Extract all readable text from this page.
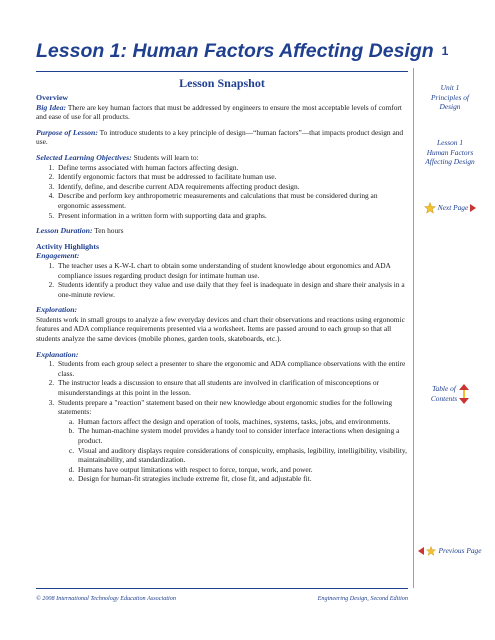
Lesson 1: Human Factors Affecting Design 1
Lesson Snapshot
Overview

Big Idea: There are key human factors that must be addressed by engineers to ensure the most acceptable levels of comfort and ease of use for all products.

Purpose of Lesson: To introduce students to a key principle of design—“human factors”—that impacts product design and use.

Selected Learning Objectives: Students will learn to:
1. Define terms associated with human factors affecting design.
2. Identify ergonomic factors that must be addressed to facilitate human use.
3. Identify, define, and describe current ADA requirements affecting product design.
4. Describe and perform key anthropometric measurements and calculations that must be considered during an ergonomic assessment.
5. Present information in a written form with supporting data and graphs.

Lesson Duration: Ten hours

Activity Highlights
Engagement:
1. The teacher uses a K-W-L chart to obtain some understanding of student knowledge about ergonomics and ADA compliance issues regarding product design for intimate human use.
2. Students identify a product they value and use daily that they feel is inadequate in design and share their analysis in a one-minute review.
Exploration:

Students work in small groups to analyze a few everyday devices and chart their observations and reactions using ergonomic features and ADA compliance requirements presented via a worksheet. Items are passed around to each group so that all students analyze the same devices (mobile phones, garden tools, skateboards, etc.).

Explanation:
1. Students from each group select a presenter to share the ergonomic and ADA compliance observations with the entire class.
2. The instructor leads a discussion to ensure that all students are involved in clarification of misconceptions or misunderstandings at this point in the lesson.
3. Students prepare a "reaction" statement based on their new knowledge about ergonomic studies for the following statements:
a. Human factors affect the design and operation of tools, machines, systems, tasks, jobs, and environments.
b. The human-machine system model provides a handy tool to consider interface interactions when designing a product.
c. Visual and auditory displays require considerations of conspicuity, emphasis, legibility, intelligibility, visibility, maintainability, and standardization.
d. Humans have output limitations with respect to force, torque, work, and power.
e. Design for human-fit strategies include extreme fit, close fit, and adjustable fit.
Unit 1
Principles of
Design
Lesson 1
Human Factors
Affecting Design
Next Page
Table of
Contents
Previous Page
© 2008 International Technology Education Association	Engineering Design, Second Edition
